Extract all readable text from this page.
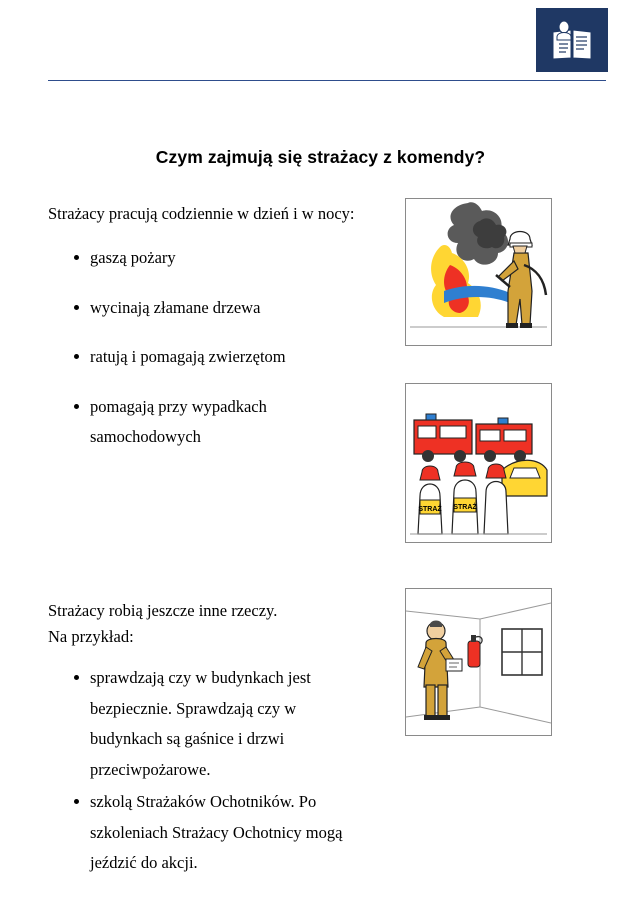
Czym zajmują się strażacy z komendy?

Strażacy pracują codziennie w dzień i w nocy:

gaszą pożary
wycinają złamane drzewa
ratują i pomagają zwierzętom
pomagają przy wypadkach samochodowych

Strażacy robią jeszcze inne rzeczy.

Na przykład:

sprawdzają czy w budynkach jest bezpiecznie. Sprawdzają czy w budynkach są gaśnice i drzwi przeciwpożarowe.
szkolą Strażaków Ochotników. Po szkoleniach Strażacy Ochotnicy mogą jeździć do akcji.
STRAŻ STRAŻ
